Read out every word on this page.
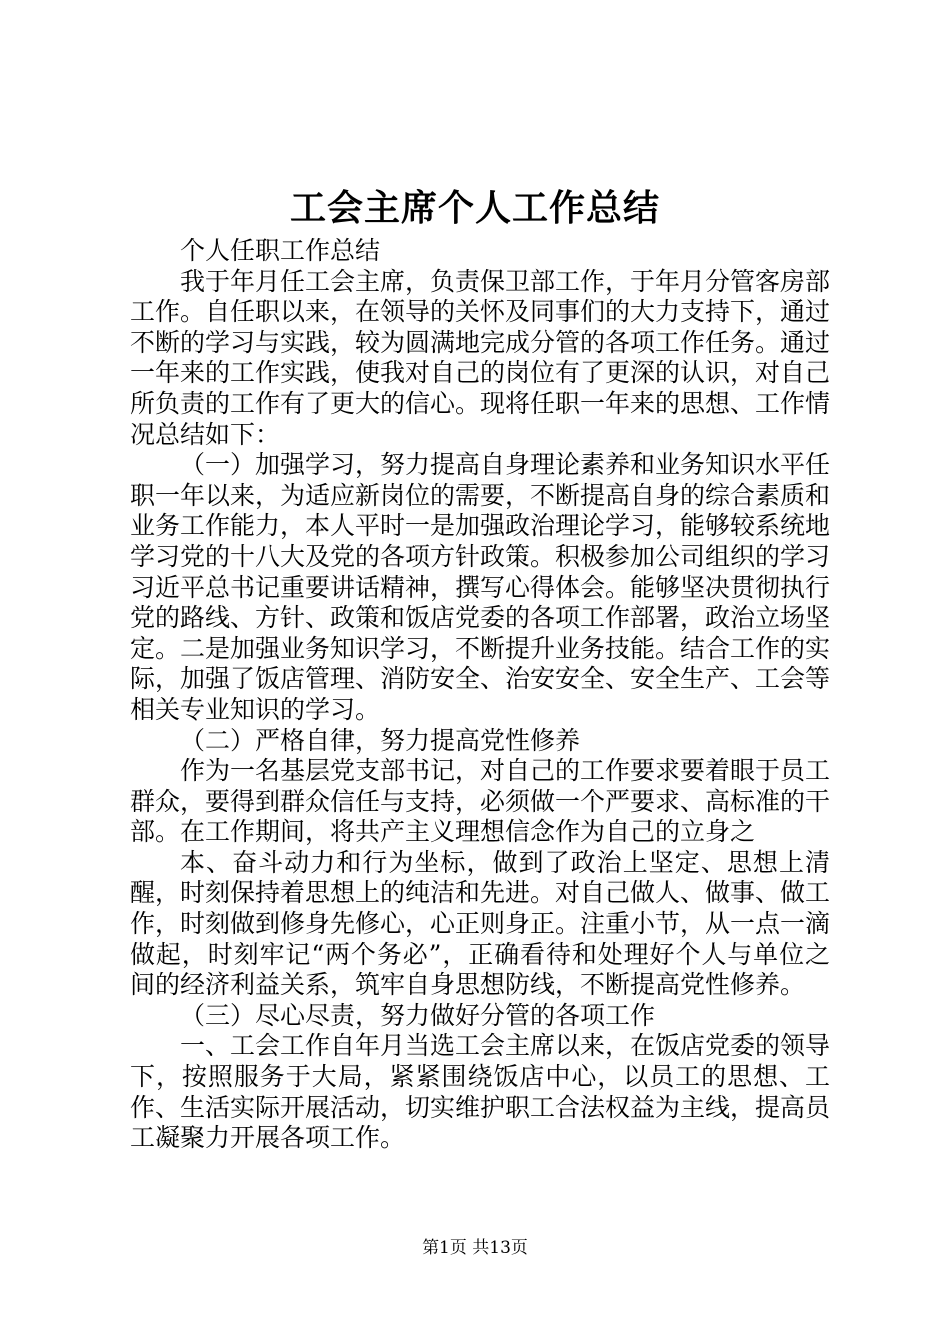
工会主席个人工作总结

个人任职工作总结

我于年月任工会主席，负责保卫部工作，于年月分管客房部工作。自任职以来，在领导的关怀及同事们的大力支持下，通过不断的学习与实践，较为圆满地完成分管的各项工作任务。通过一年来的工作实践，使我对自己的岗位有了更深的认识，对自己所负责的工作有了更大的信心。现将任职一年来的思想、工作情况总结如下：

（一）加强学习，努力提高自身理论素养和业务知识水平任职一年以来，为适应新岗位的需要，不断提高自身的综合素质和业务工作能力，本人平时一是加强政治理论学习，能够较系统地学习党的十八大及党的各项方针政策。积极参加公司组织的学习习近平总书记重要讲话精神，撰写心得体会。能够坚决贯彻执行党的路线、方针、政策和饭店党委的各项工作部署，政治立场坚定。二是加强业务知识学习，不断提升业务技能。结合工作的实际，加强了饭店管理、消防安全、治安安全、安全生产、工会等相关专业知识的学习。

（二）严格自律，努力提高党性修养

作为一名基层党支部书记，对自己的工作要求要着眼于员工群众，要得到群众信任与支持，必须做一个严要求、高标准的干部。在工作期间，将共产主义理想信念作为自己的立身之

本、奋斗动力和行为坐标，做到了政治上坚定、思想上清醒，时刻保持着思想上的纯洁和先进。对自己做人、做事、做工作，时刻做到修身先修心，心正则身正。注重小节，从一点一滴做起，时刻牢记“两个务必”，正确看待和处理好个人与单位之间的经济利益关系，筑牢自身思想防线，不断提高党性修养。

（三）尽心尽责，努力做好分管的各项工作

一、工会工作自年月当选工会主席以来，在饭店党委的领导下，按照服务于大局，紧紧围绕饭店中心，以员工的思想、工作、生活实际开展活动，切实维护职工合法权益为主线，提高员工凝聚力开展各项工作。

第1页 共13页
